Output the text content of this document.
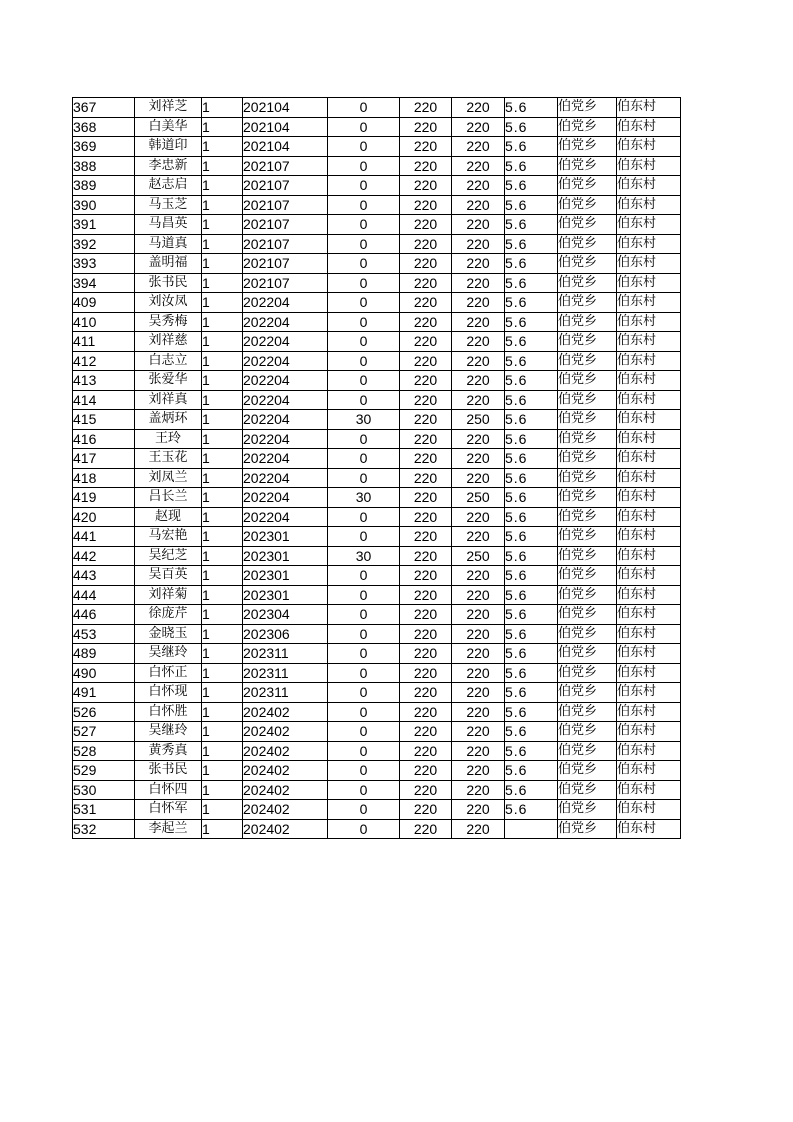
367	刘祥芝	1	202104	0	220	220	5.6	伯党乡	伯东村
368	白美华	1	202104	0	220	220	5.6	伯党乡	伯东村
369	韩道印	1	202104	0	220	220	5.6	伯党乡	伯东村
388	李忠新	1	202107	0	220	220	5.6	伯党乡	伯东村
389	赵志启	1	202107	0	220	220	5.6	伯党乡	伯东村
390	马玉芝	1	202107	0	220	220	5.6	伯党乡	伯东村
391	马昌英	1	202107	0	220	220	5.6	伯党乡	伯东村
392	马道真	1	202107	0	220	220	5.6	伯党乡	伯东村
393	盖明福	1	202107	0	220	220	5.6	伯党乡	伯东村
394	张书民	1	202107	0	220	220	5.6	伯党乡	伯东村
409	刘汝凤	1	202204	0	220	220	5.6	伯党乡	伯东村
410	吴秀梅	1	202204	0	220	220	5.6	伯党乡	伯东村
411	刘祥慈	1	202204	0	220	220	5.6	伯党乡	伯东村
412	白志立	1	202204	0	220	220	5.6	伯党乡	伯东村
413	张爱华	1	202204	0	220	220	5.6	伯党乡	伯东村
414	刘祥真	1	202204	0	220	220	5.6	伯党乡	伯东村
415	盖炳环	1	202204	30	220	250	5.6	伯党乡	伯东村
416	王玲	1	202204	0	220	220	5.6	伯党乡	伯东村
417	王玉花	1	202204	0	220	220	5.6	伯党乡	伯东村
418	刘凤兰	1	202204	0	220	220	5.6	伯党乡	伯东村
419	吕长兰	1	202204	30	220	250	5.6	伯党乡	伯东村
420	赵现	1	202204	0	220	220	5.6	伯党乡	伯东村
441	马宏艳	1	202301	0	220	220	5.6	伯党乡	伯东村
442	吴纪芝	1	202301	30	220	250	5.6	伯党乡	伯东村
443	吴百英	1	202301	0	220	220	5.6	伯党乡	伯东村
444	刘祥菊	1	202301	0	220	220	5.6	伯党乡	伯东村
446	徐庞芹	1	202304	0	220	220	5.6	伯党乡	伯东村
453	金晓玉	1	202306	0	220	220	5.6	伯党乡	伯东村
489	吴继玲	1	202311	0	220	220	5.6	伯党乡	伯东村
490	白怀正	1	202311	0	220	220	5.6	伯党乡	伯东村
491	白怀现	1	202311	0	220	220	5.6	伯党乡	伯东村
526	白怀胜	1	202402	0	220	220	5.6	伯党乡	伯东村
527	吴继玲	1	202402	0	220	220	5.6	伯党乡	伯东村
528	黄秀真	1	202402	0	220	220	5.6	伯党乡	伯东村
529	张书民	1	202402	0	220	220	5.6	伯党乡	伯东村
530	白怀四	1	202402	0	220	220	5.6	伯党乡	伯东村
531	白怀军	1	202402	0	220	220	5.6	伯党乡	伯东村
532	李起兰	1	202402	0	220	220		伯党乡	伯东村
